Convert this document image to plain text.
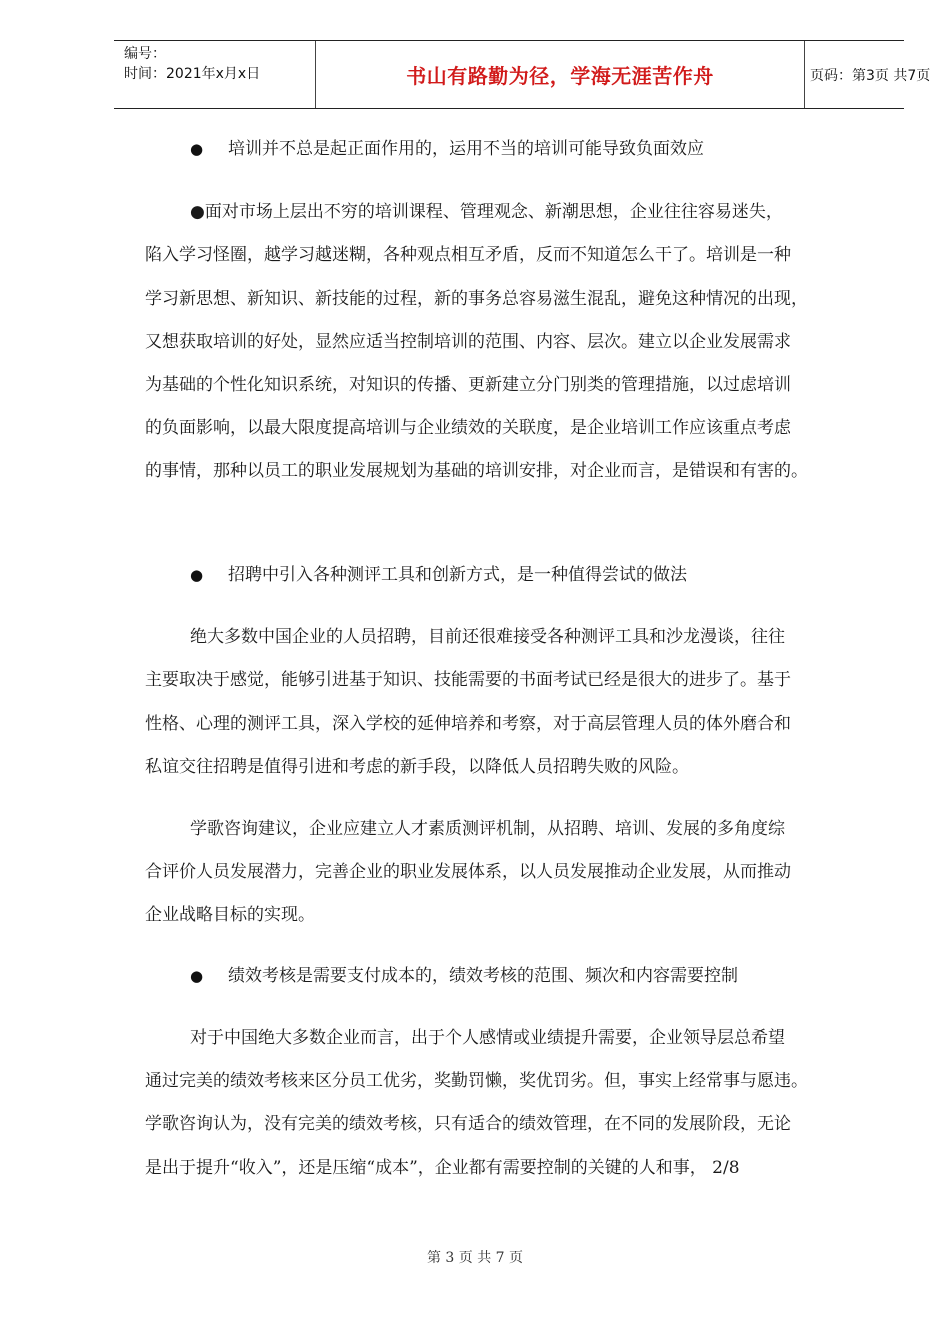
编号：
时间：2021年x月x日	书山有路勤为径，学海无涯苦作舟	页码：第3页 共7页
● 培训并不总是起正面作用的，运用不当的培训可能导致负面效应
●面对市场上层出不穷的培训课程、管理观念、新潮思想，企业往往容易迷失，
陷入学习怪圈，越学习越迷糊，各种观点相互矛盾，反而不知道怎么干了。培训是一种
学习新思想、新知识、新技能的过程，新的事务总容易滋生混乱，避免这种情况的出现，
又想获取培训的好处，显然应适当控制培训的范围、内容、层次。建立以企业发展需求
为基础的个性化知识系统，对知识的传播、更新建立分门别类的管理措施，以过虑培训
的负面影响，以最大限度提高培训与企业绩效的关联度，是企业培训工作应该重点考虑
的事情，那种以员工的职业发展规划为基础的培训安排，对企业而言，是错误和有害的。
● 招聘中引入各种测评工具和创新方式，是一种值得尝试的做法
绝大多数中国企业的人员招聘，目前还很难接受各种测评工具和沙龙漫谈，往往
主要取决于感觉，能够引进基于知识、技能需要的书面考试已经是很大的进步了。基于
性格、心理的测评工具，深入学校的延伸培养和考察，对于高层管理人员的体外磨合和
私谊交往招聘是值得引进和考虑的新手段，以降低人员招聘失败的风险。
学歌咨询建议，企业应建立人才素质测评机制，从招聘、培训、发展的多角度综
合评价人员发展潜力，完善企业的职业发展体系，以人员发展推动企业发展，从而推动
企业战略目标的实现。
● 绩效考核是需要支付成本的，绩效考核的范围、频次和内容需要控制
对于中国绝大多数企业而言，出于个人感情或业绩提升需要，企业领导层总希望
通过完美的绩效考核来区分员工优劣，奖勤罚懒，奖优罚劣。但，事实上经常事与愿违。
学歌咨询认为，没有完美的绩效考核，只有适合的绩效管理，在不同的发展阶段，无论
是出于提升“收入”，还是压缩“成本”，企业都有需要控制的关键的人和事， 2/8
第 3 页 共 7 页
